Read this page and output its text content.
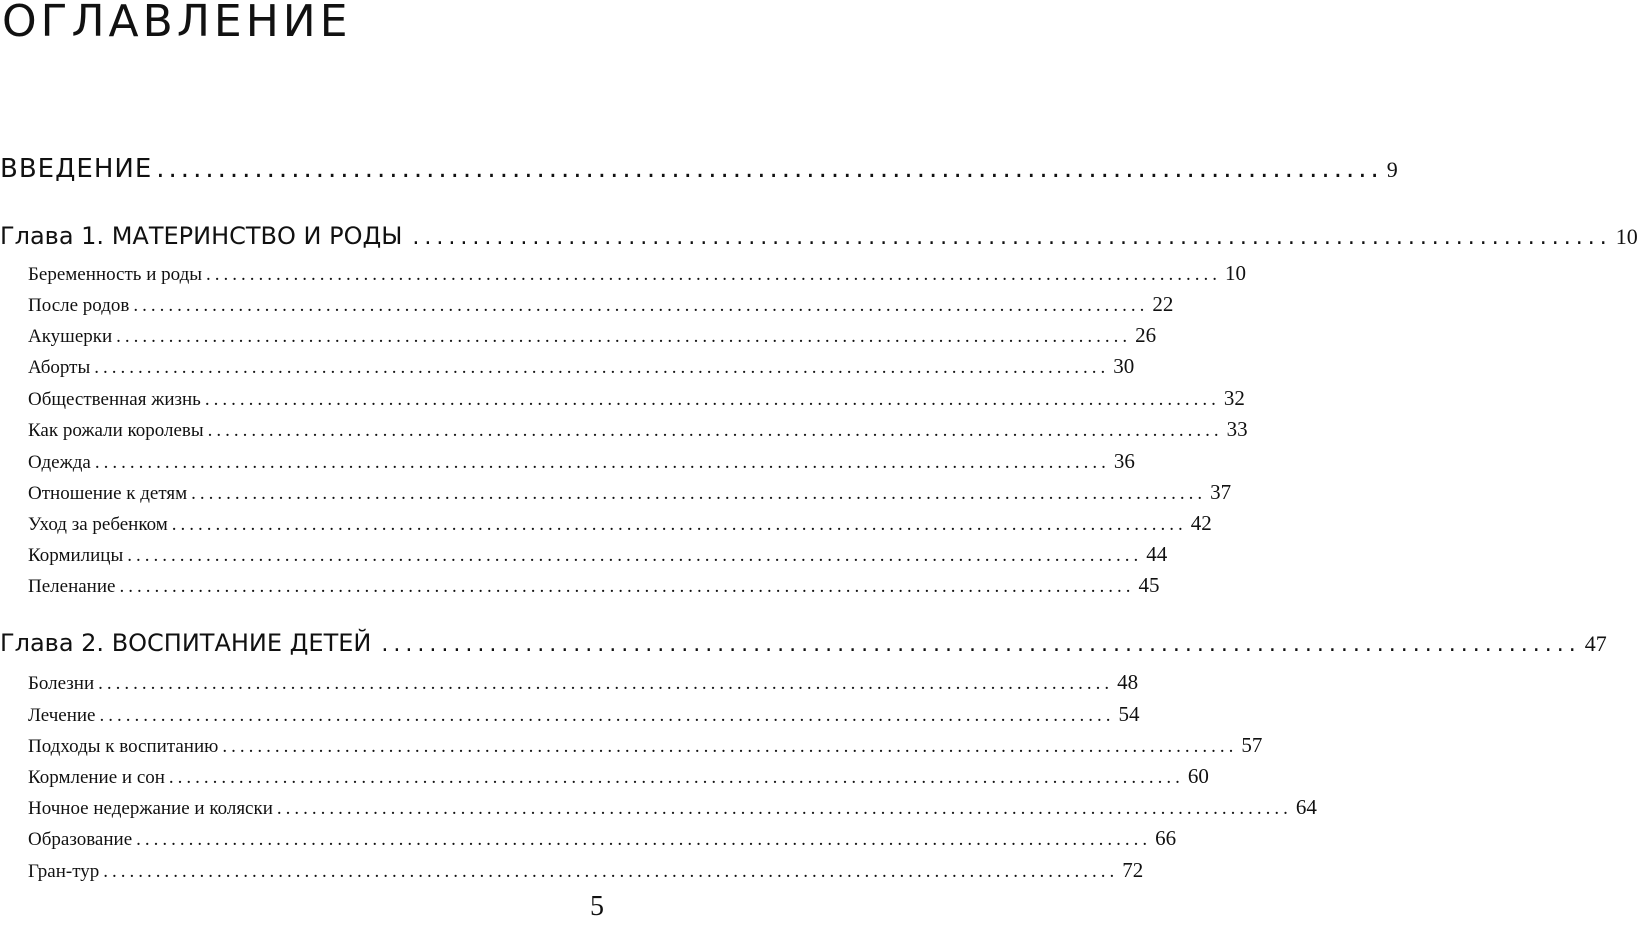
ОГЛАВЛЕНИЕ
ВВЕДЕНИЕ .................................................................................................... 9
Глава 1. МАТЕРИНСТВО И РОДЫ .................................................................................................... 10
Беременность и роды .................................................................................................................... 10
После родов .................................................................................................................... 22
Акушерки .................................................................................................................... 26
Аборты .................................................................................................................... 30
Общественная жизнь .................................................................................................................... 32
Как рожали королевы .................................................................................................................... 33
Одежда .................................................................................................................... 36
Отношение к детям .................................................................................................................... 37
Уход за ребенком .................................................................................................................... 42
Кормилицы .................................................................................................................... 44
Пеленание .................................................................................................................... 45
Глава 2. ВОСПИТАНИЕ ДЕТЕЙ .................................................................................................... 47
Болезни .................................................................................................................... 48
Лечение .................................................................................................................... 54
Подходы к воспитанию .................................................................................................................... 57
Кормление и сон .................................................................................................................... 60
Ночное недержание и коляски .................................................................................................................... 64
Образование .................................................................................................................... 66
Гран-тур .................................................................................................................... 72
5
